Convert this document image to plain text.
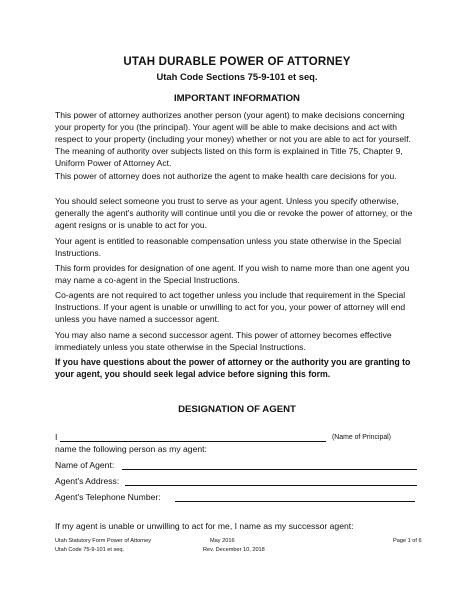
UTAH DURABLE POWER OF ATTORNEY
Utah Code Sections 75-9-101 et seq.
IMPORTANT INFORMATION

This power of attorney authorizes another person (your agent) to make decisions concerning your property for you (the principal). Your agent will be able to make decisions and act with respect to your property (including your money) whether or not you are able to act for yourself. The meaning of authority over subjects listed on this form is explained in Title 75, Chapter 9, Uniform Power of Attorney Act.

This power of attorney does not authorize the agent to make health care decisions for you.

You should select someone you trust to serve as your agent. Unless you specify otherwise, generally the agent's authority will continue until you die or revoke the power of attorney, or the agent resigns or is unable to act for you.

Your agent is entitled to reasonable compensation unless you state otherwise in the Special Instructions.

This form provides for designation of one agent. If you wish to name more than one agent you may name a co-agent in the Special Instructions.

Co-agents are not required to act together unless you include that requirement in the Special Instructions. If your agent is unable or unwilling to act for you, your power of attorney will end unless you have named a successor agent.

You may also name a second successor agent. This power of attorney becomes effective immediately unless you state otherwise in the Special Instructions.

If you have questions about the power of attorney or the authority you are granting to your agent, you should seek legal advice before signing this form.

DESIGNATION OF AGENT
I	(Name of Principal)
name the following person as my agent:
Name of Agent:
Agent's Address:
Agent's Telephone Number:
If my agent is unable or unwilling to act for me, I name as my successor agent:
Utah Statutory Form Power of Attorney
Utah Code 75-9-101 et seq.
May 2016
Rev. December 10, 2018
Page 1 of 6
